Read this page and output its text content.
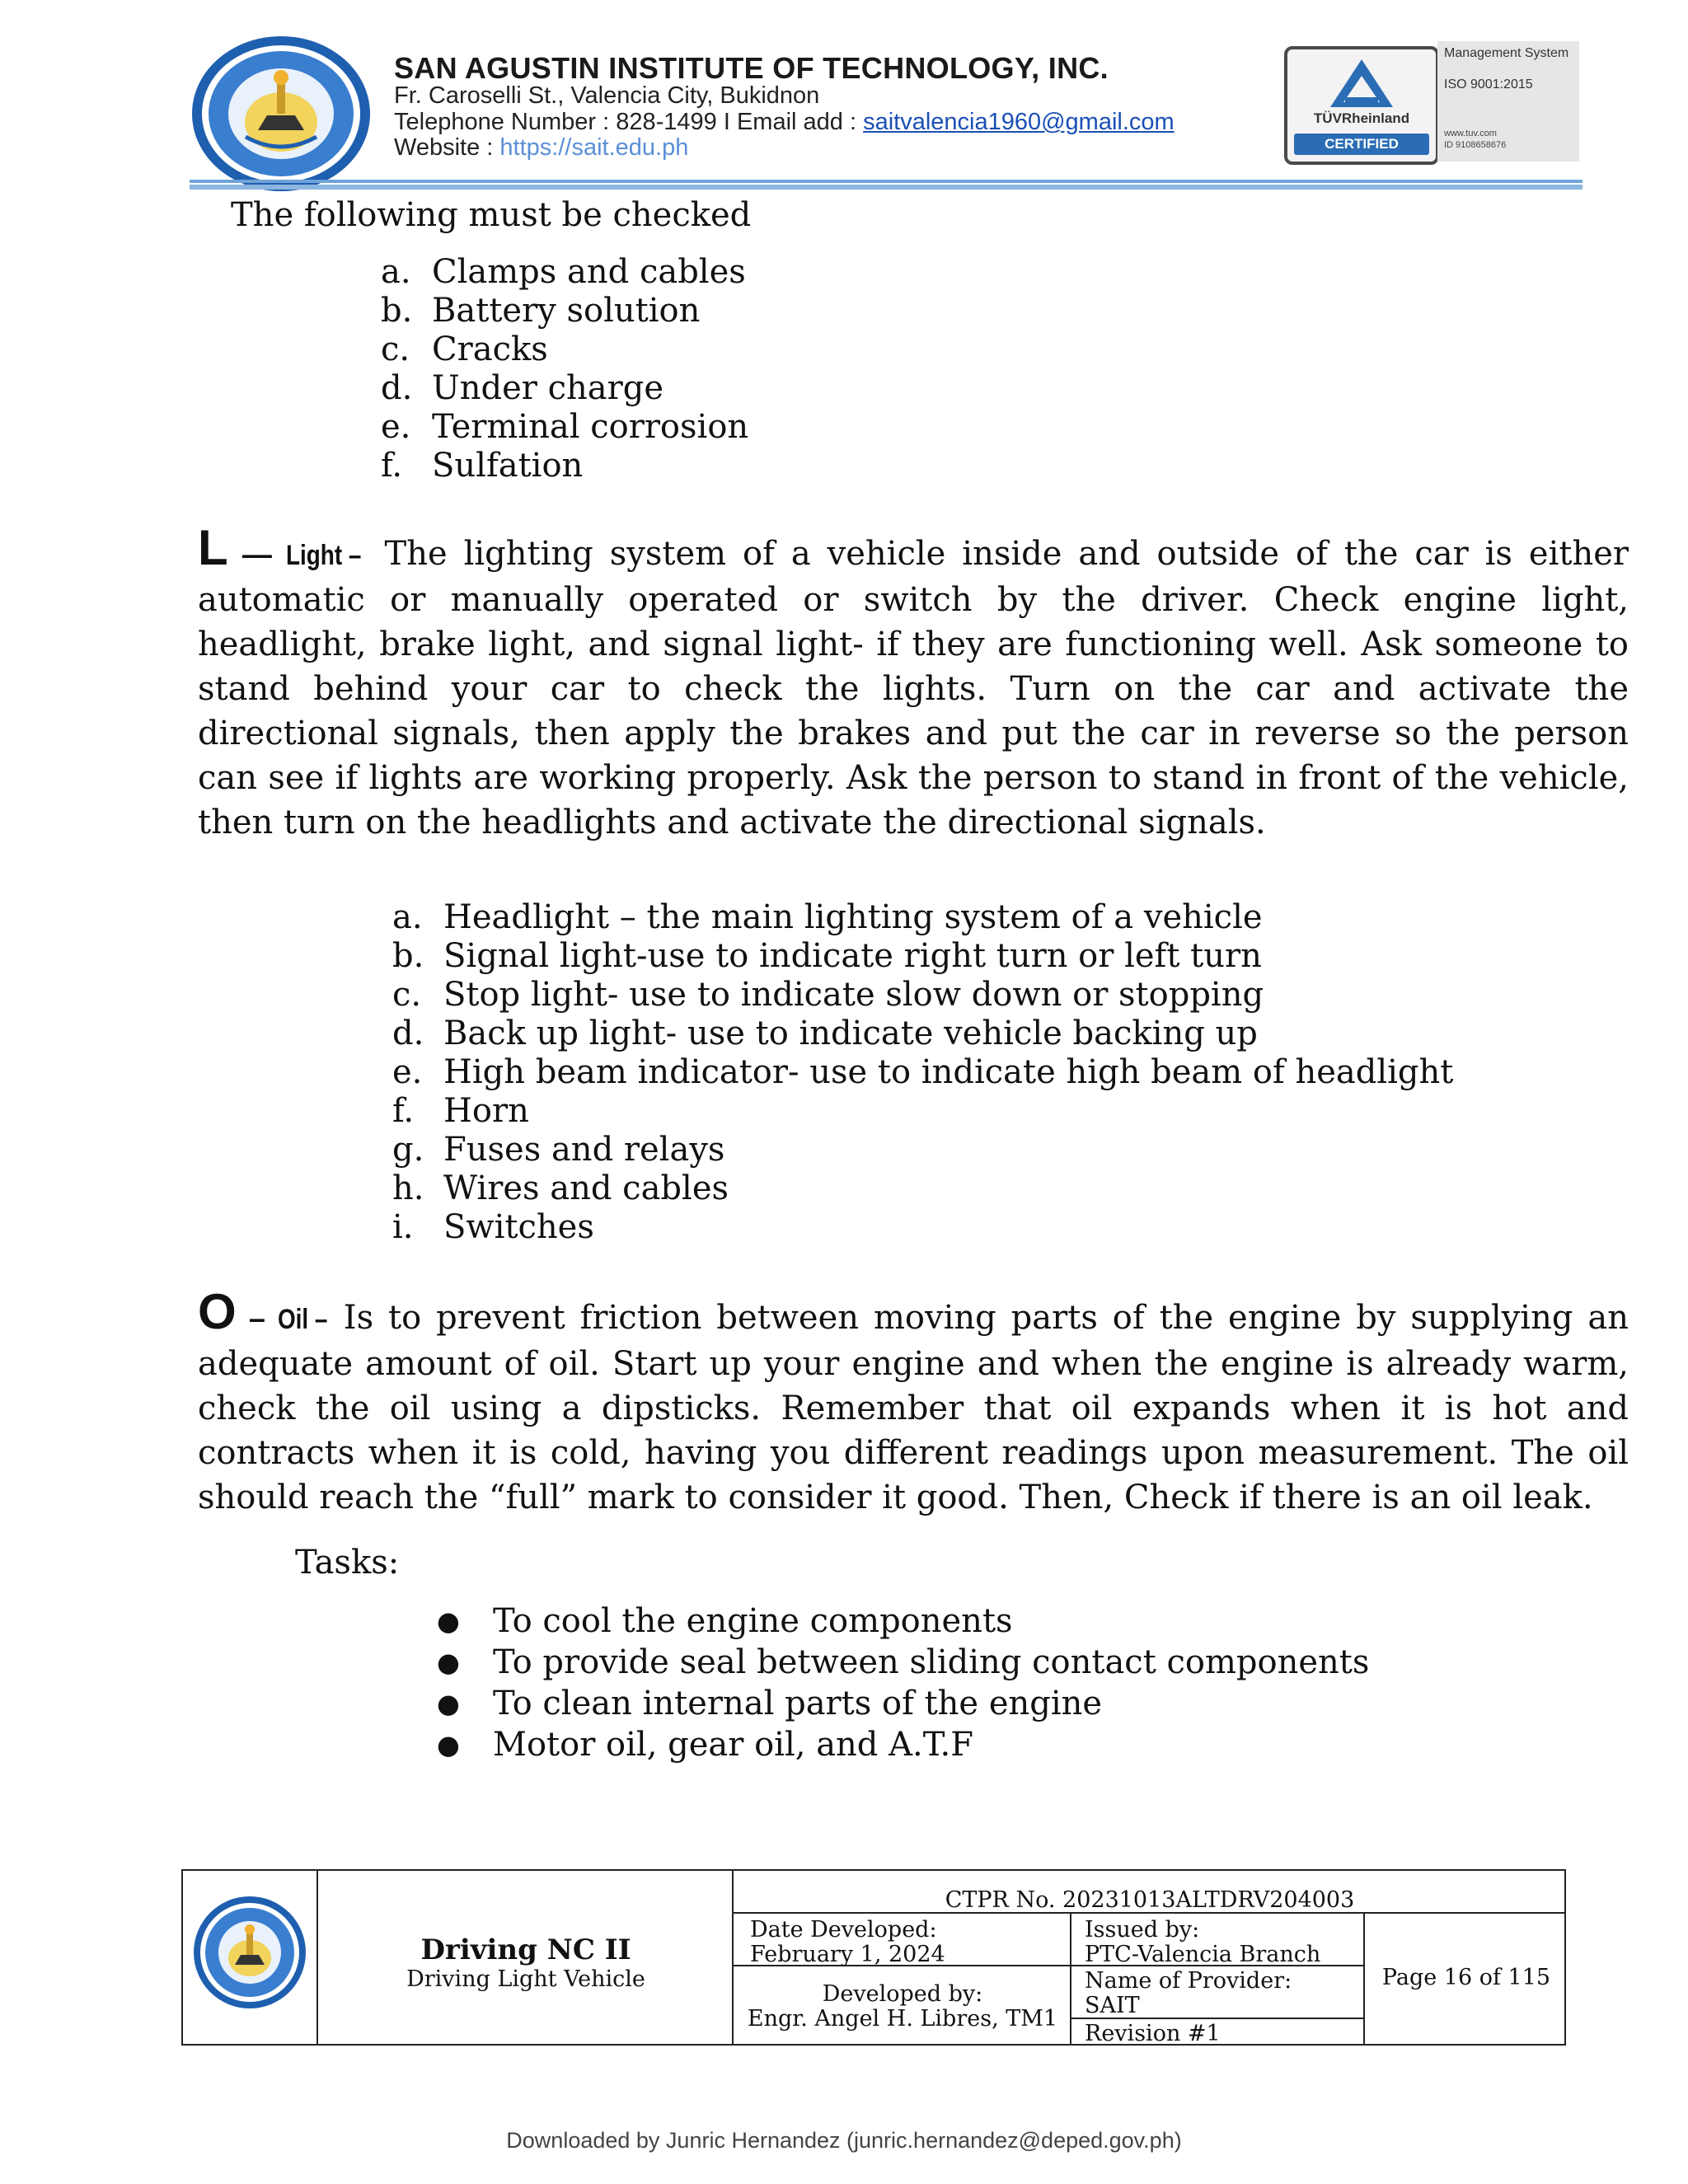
SAN AGUSTIN INSTITUTE OF TECHNOLOGY, INC.
Fr. Caroselli St., Valencia City, Bukidnon
Telephone Number : 828-1499 I Email add : saitvalencia1960@gmail.com
Website : https://sait.edu.ph
TÜVRheinland
CERTIFIED
Management System
ISO 9001:2015
www.tuv.com
ID 9108658676
The following must be checked
a. Clamps and cables
b. Battery solution
c. Cracks
d. Under charge
e. Terminal corrosion
f. Sulfation
L — Light – The lighting system of a vehicle inside and outside of the car is either automatic or manually operated or switch by the driver. Check engine light, headlight, brake light, and signal light- if they are functioning well. Ask someone to stand behind your car to check the lights. Turn on the car and activate the directional signals, then apply the brakes and put the car in reverse so the person can see if lights are working properly. Ask the person to stand in front of the vehicle, then turn on the headlights and activate the directional signals.
a. Headlight – the main lighting system of a vehicle
b. Signal light-use to indicate right turn or left turn
c. Stop light- use to indicate slow down or stopping
d. Back up light- use to indicate vehicle backing up
e. High beam indicator- use to indicate high beam of headlight
f. Horn
g. Fuses and relays
h. Wires and cables
i. Switches
O – Oil – Is to prevent friction between moving parts of the engine by supplying an adequate amount of oil. Start up your engine and when the engine is already warm, check the oil using a dipsticks. Remember that oil expands when it is hot and contracts when it is cold, having you different readings upon measurement. The oil should reach the “full” mark to consider it good. Then, Check if there is an oil leak.
Tasks:
● To cool the engine components
● To provide seal between sliding contact components
● To clean internal parts of the engine
● Motor oil, gear oil, and A.T.F
Driving NC II
Driving Light Vehicle
CTPR No. 20231013ALTDRV204003
Date Developed:
February 1, 2024
Issued by:
PTC-Valencia Branch
Developed by:
Engr. Angel H. Libres, TM1
Name of Provider:
SAIT
Revision #1
Page 16 of 115
Downloaded by Junric Hernandez (junric.hernandez@deped.gov.ph)
